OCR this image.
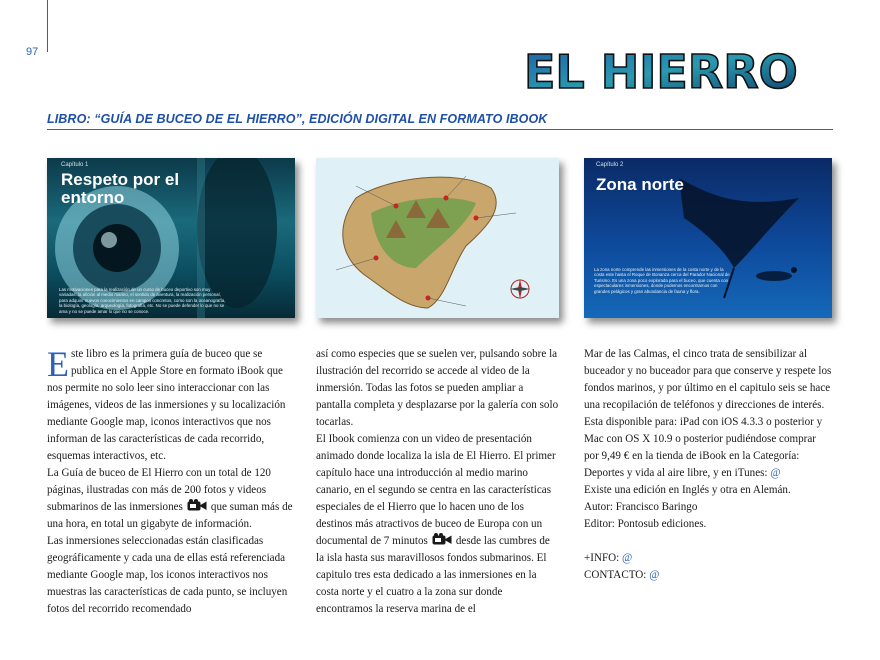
97	EL HIERRO
LIBRO: “GUÍA DE BUCEO DE EL HIERRO”, EDICIÓN DIGITAL EN FORMATO IBOOK
Capítulo 1
Respeto por el entorno
Las motivaciones para la realización de un curso de buceo deportivo son muy variadas: la afición al medio marino, el sentido de aventura, la realización personal, para adquirir nuevos conocimientos en campos concretos, como son la oceanografía, la biología, geología, arqueología, fotografía, etc. No se puede defender lo que no se ama y no se puede amar lo que no se conoce.
Capítulo 2
Zona norte
La zona norte comprende las inmersiones de la costa norte y de la costa este hasta el Roque de Bonanza cerca del Parador Nacional de Turismo. Es una zona poco explorada para el buceo, que cuenta con espectaculares inmersiones, donde podemos encontrarnos con grandes pelágicos y gran abundancia de fauna y flora.

Este libro es la primera guía de buceo que se publica en el Apple Store en formato iBook que nos permite no solo leer sino interaccionar con las imágenes, videos de las inmersiones y su localización mediante Google map, iconos interactivos que nos informan de las características de cada recorrido, esquemas interactivos, etc.

La Guía de buceo de El Hierro con un total de 120 páginas, ilustradas con más de 200 fotos y videos submarinos de las inmersiones	que suman más de una hora, en total un gigabyte de información.

Las inmersiones seleccionadas están clasificadas geográficamente y cada una de ellas está referenciada mediante Google map, los iconos interactivos nos muestras las características de cada punto, se incluyen fotos del recorrido recomendado

así como especies que se suelen ver, pulsando sobre la ilustración del recorrido se accede al video de la inmersión. Todas las fotos se pueden ampliar a pantalla completa y desplazarse por la galería con solo tocarlas.

El Ibook comienza con un video de presentación animado donde localiza la isla de El Hierro. El primer capítulo hace una introducción al medio marino canario, en el segundo se centra en las características especiales de el Hierro que lo hacen uno de los destinos más atractivos de buceo de Europa con un documental de 7 minutos	desde las cumbres de la isla hasta sus maravillosos fondos submarinos. El capitulo tres esta dedicado a las inmersiones en la costa norte y el cuatro a la zona sur donde encontramos la reserva marina de el

Mar de las Calmas, el cinco trata de sensibilizar al buceador y no buceador para que conserve y respete los fondos marinos, y por último en el capitulo seis se hace una recopilación de teléfonos y direcciones de interés.

Esta disponible para: iPad con iOS 4.3.3 o posterior y Mac con OS X 10.9 o posterior pudiéndose comprar por 9,49 € en la tienda de iBook en la Categoría: Deportes y vida al aire libre, y en iTunes: @

Existe una edición en Inglés y otra en Alemán.

Autor: Francisco Baringo

Editor: Pontosub ediciones.

+INFO: @

CONTACTO: @
